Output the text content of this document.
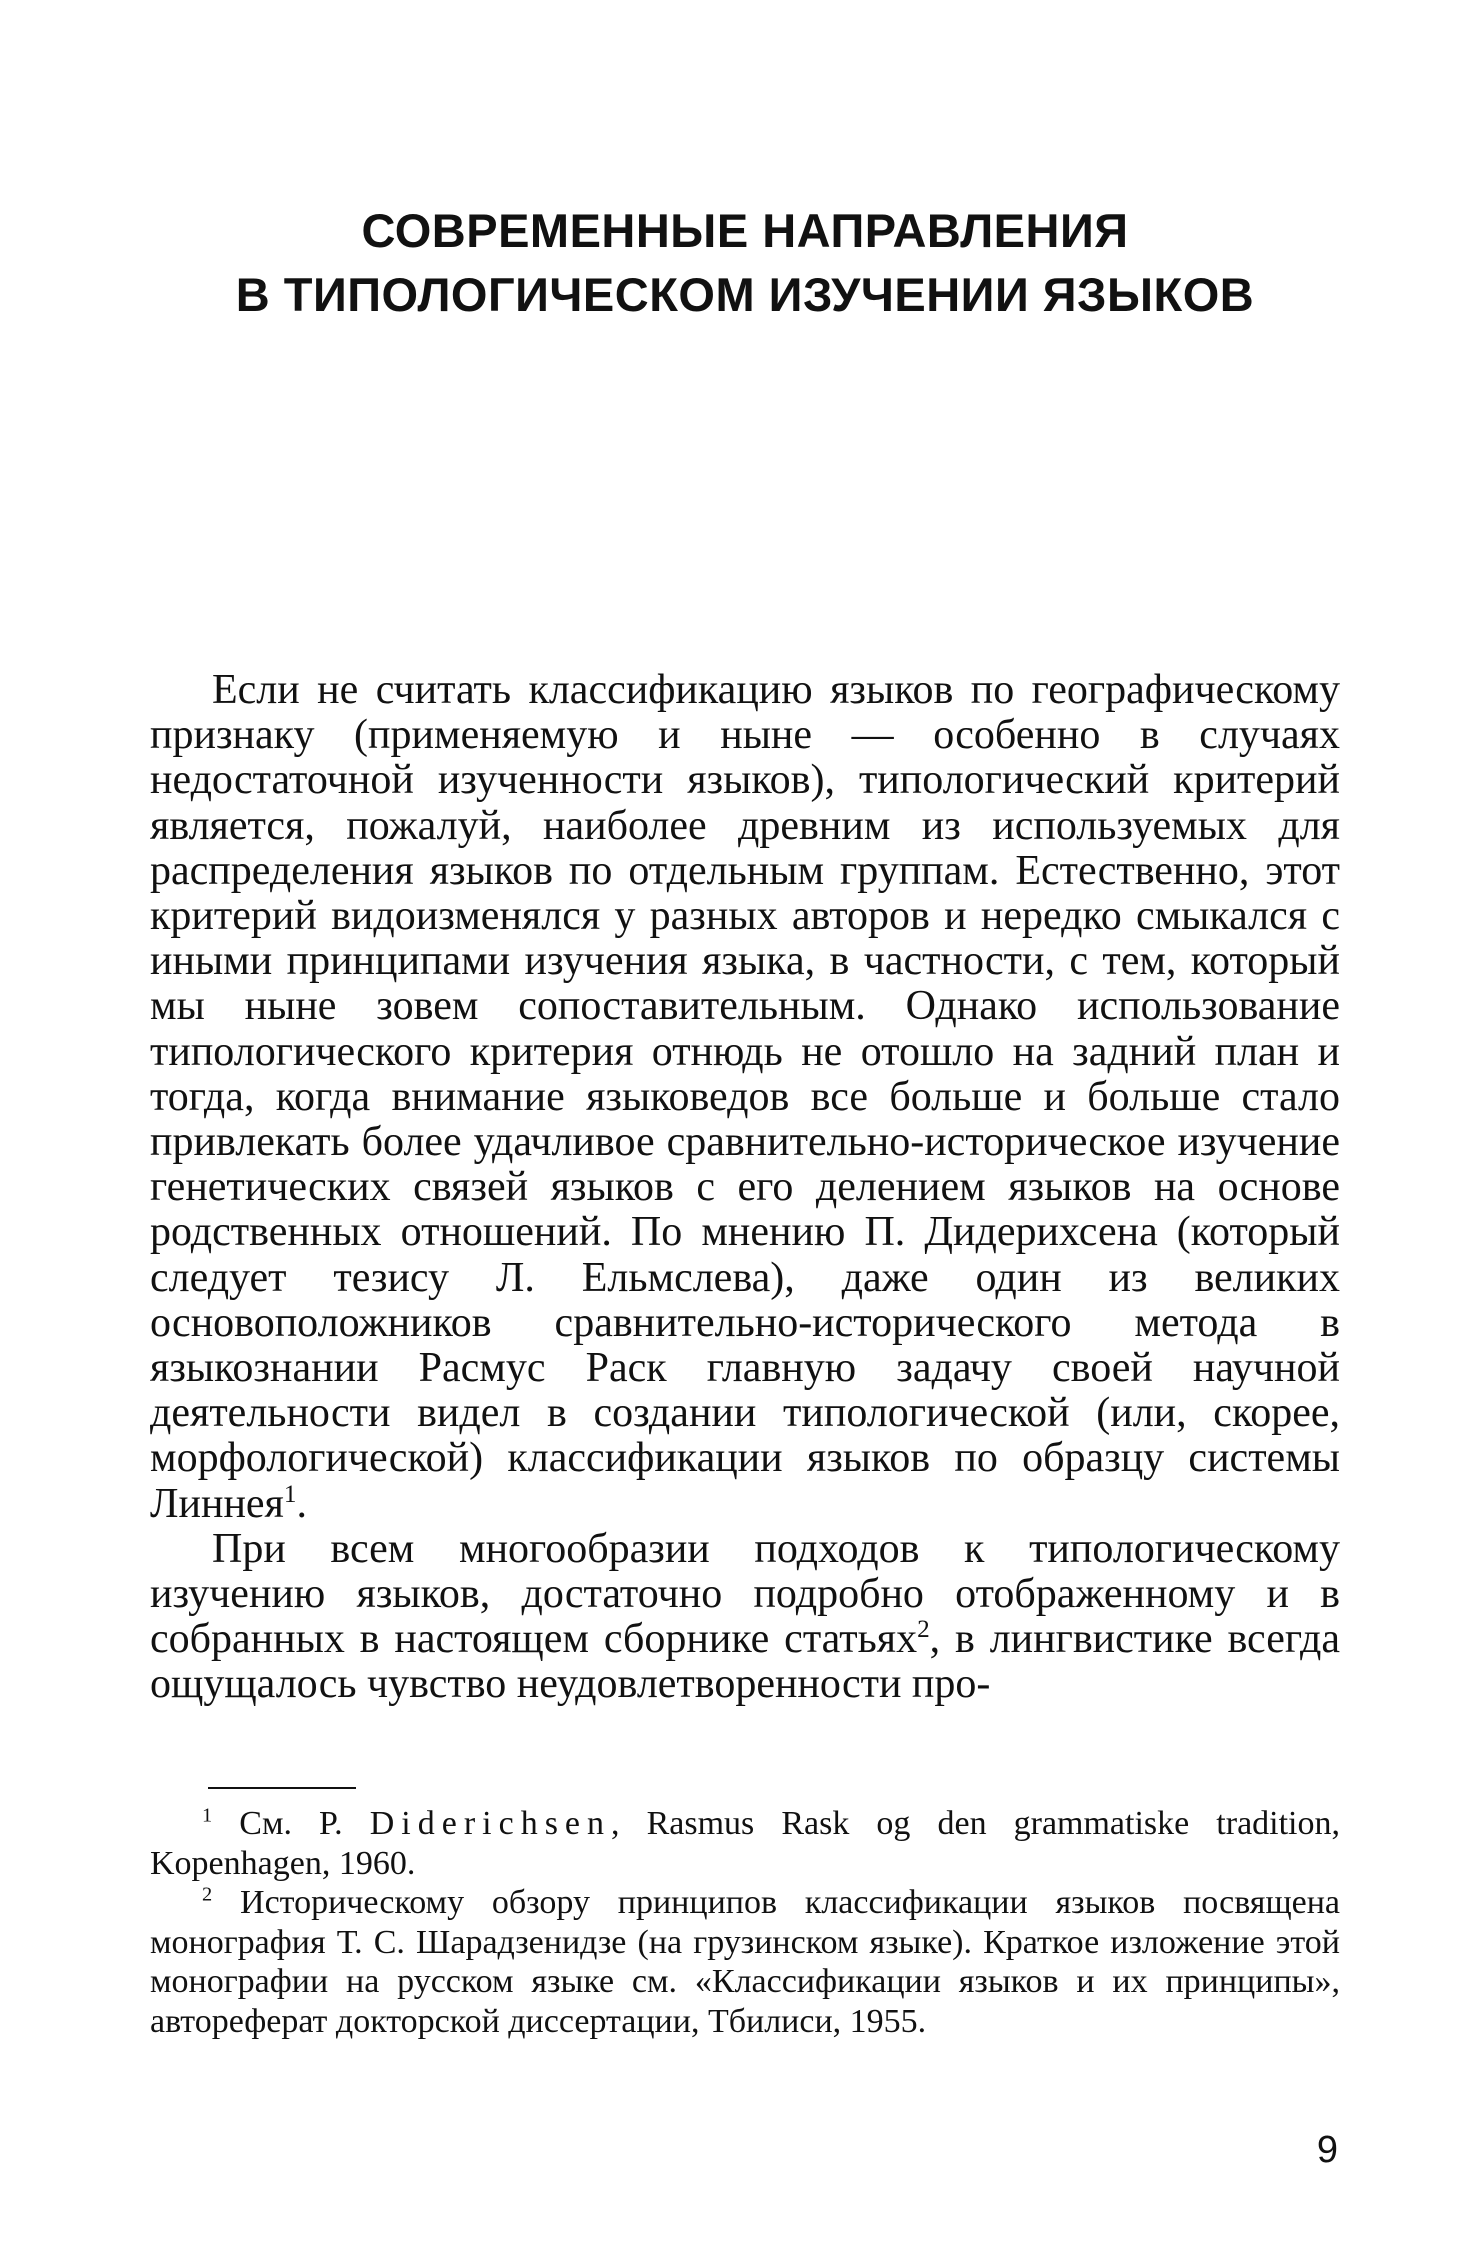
СОВРЕМЕННЫЕ НАПРАВЛЕНИЯ
В ТИПОЛОГИЧЕСКОМ ИЗУЧЕНИИ ЯЗЫКОВ

Если не считать классификацию языков по географическому признаку (применяемую и ныне — особенно в случаях недостаточной изученности языков), типологический критерий является, пожалуй, наиболее древним из используемых для распределения языков по отдельным группам. Естественно, этот критерий видоизменялся у разных авторов и нередко смыкался с иными принципами изучения языка, в частности, с тем, который мы ныне зовем сопоставительным. Однако использование типологического критерия отнюдь не отошло на задний план и тогда, когда внимание языковедов все больше и больше стало привлекать более удачливое сравнительно-историческое изучение генетических связей языков с его делением языков на основе родственных отношений. По мнению П. Дидерихсена (который следует тезису Л. Ельмслева), даже один из великих основоположников сравнительно-исторического метода в языкознании Расмус Раск главную задачу своей научной деятельности видел в создании типологической (или, скорее, морфологической) классификации языков по образцу системы Линнея$^1$.

При всем многообразии подходов к типологическому изучению языков, достаточно подробно отображенному и в собранных в настоящем сборнике статьях$^2$, в лингвистике всегда ощущалось чувство неудовлетворенности про-

$^1$ См. P. Diderichsen, Rasmus Rask og den grammatiske tradition, Kopenhagen, 1960.

$^2$ Историческому обзору принципов классификации языков посвящена монография Т. С. Шарадзенидзе (на грузинском языке). Краткое изложение этой монографии на русском языке см. «Классификации языков и их принципы», автореферат докторской диссертации, Тбилиси, 1955.

9
